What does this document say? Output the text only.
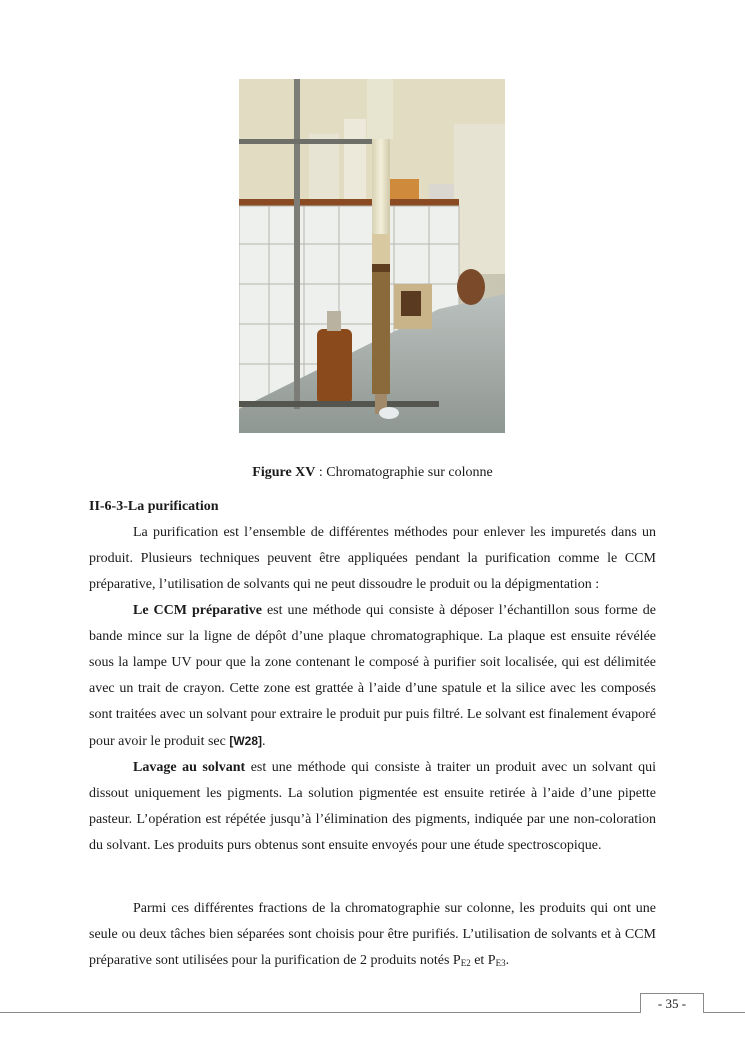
Figure XV : Chromatographie sur colonne
II-6-3-La purification

La purification est l’ensemble de différentes méthodes pour enlever les impuretés dans un produit. Plusieurs techniques peuvent être appliquées pendant la purification comme le CCM préparative, l’utilisation de solvants qui ne peut dissoudre le produit ou la dépigmentation :

Le CCM préparative est une méthode qui consiste à déposer l’échantillon sous forme de bande mince sur la ligne de dépôt d’une plaque chromatographique. La plaque est ensuite révélée sous la lampe UV pour que la zone contenant le composé à purifier soit localisée, qui est délimitée avec un trait de crayon. Cette zone est grattée à l’aide d’une spatule et la silice avec les composés sont traitées avec un solvant pour extraire le produit pur puis filtré. Le solvant est finalement évaporé pour avoir le produit sec [W28].

Lavage au solvant est une méthode qui consiste à traiter un produit avec un solvant qui dissout uniquement les pigments. La solution pigmentée est ensuite retirée à l’aide d’une pipette pasteur. L’opération est répétée jusqu’à l’élimination des pigments, indiquée par une non-coloration du solvant. Les produits purs obtenus sont ensuite envoyés pour une étude spectroscopique.

Parmi ces différentes fractions de la chromatographie sur colonne, les produits qui ont une seule ou deux tâches bien séparées sont choisis pour être purifiés. L’utilisation de solvants et à CCM préparative sont utilisées pour la purification de 2 produits notés $P_{E2}$ et $P_{E3}$.

- 35 -
